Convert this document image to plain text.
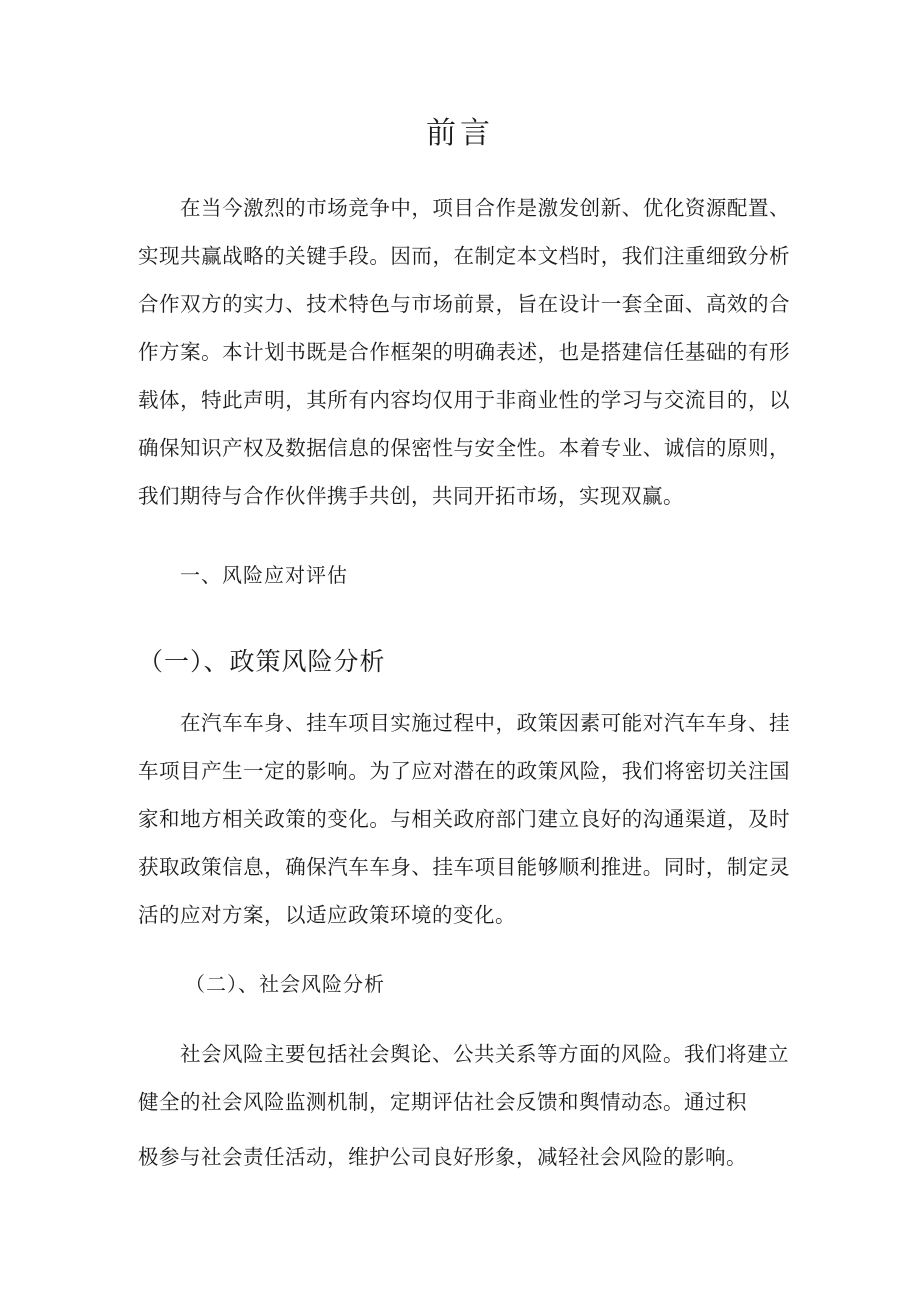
前言

在当今激烈的市场竞争中，项目合作是激发创新、优化资源配置、实现共赢战略的关键手段。因而，在制定本文档时，我们注重细致分析合作双方的实力、技术特色与市场前景，旨在设计一套全面、高效的合作方案。本计划书既是合作框架的明确表述，也是搭建信任基础的有形载体，特此声明，其所有内容均仅用于非商业性的学习与交流目的，以确保知识产权及数据信息的保密性与安全性。本着专业、诚信的原则，我们期待与合作伙伴携手共创，共同开拓市场，实现双赢。

一、风险应对评估
（一）、政策风险分析

在汽车车身、挂车项目实施过程中，政策因素可能对汽车车身、挂车项目产生一定的影响。为了应对潜在的政策风险，我们将密切关注国家和地方相关政策的变化。与相关政府部门建立良好的沟通渠道，及时获取政策信息，确保汽车车身、挂车项目能够顺利推进。同时，制定灵活的应对方案，以适应政策环境的变化。

（二）、社会风险分析

社会风险主要包括社会舆论、公共关系等方面的风险。我们将建立健全的社会风险监测机制，定期评估社会反馈和舆情动态。通过积

极参与社会责任活动，维护公司良好形象，减轻社会风险的影响。
